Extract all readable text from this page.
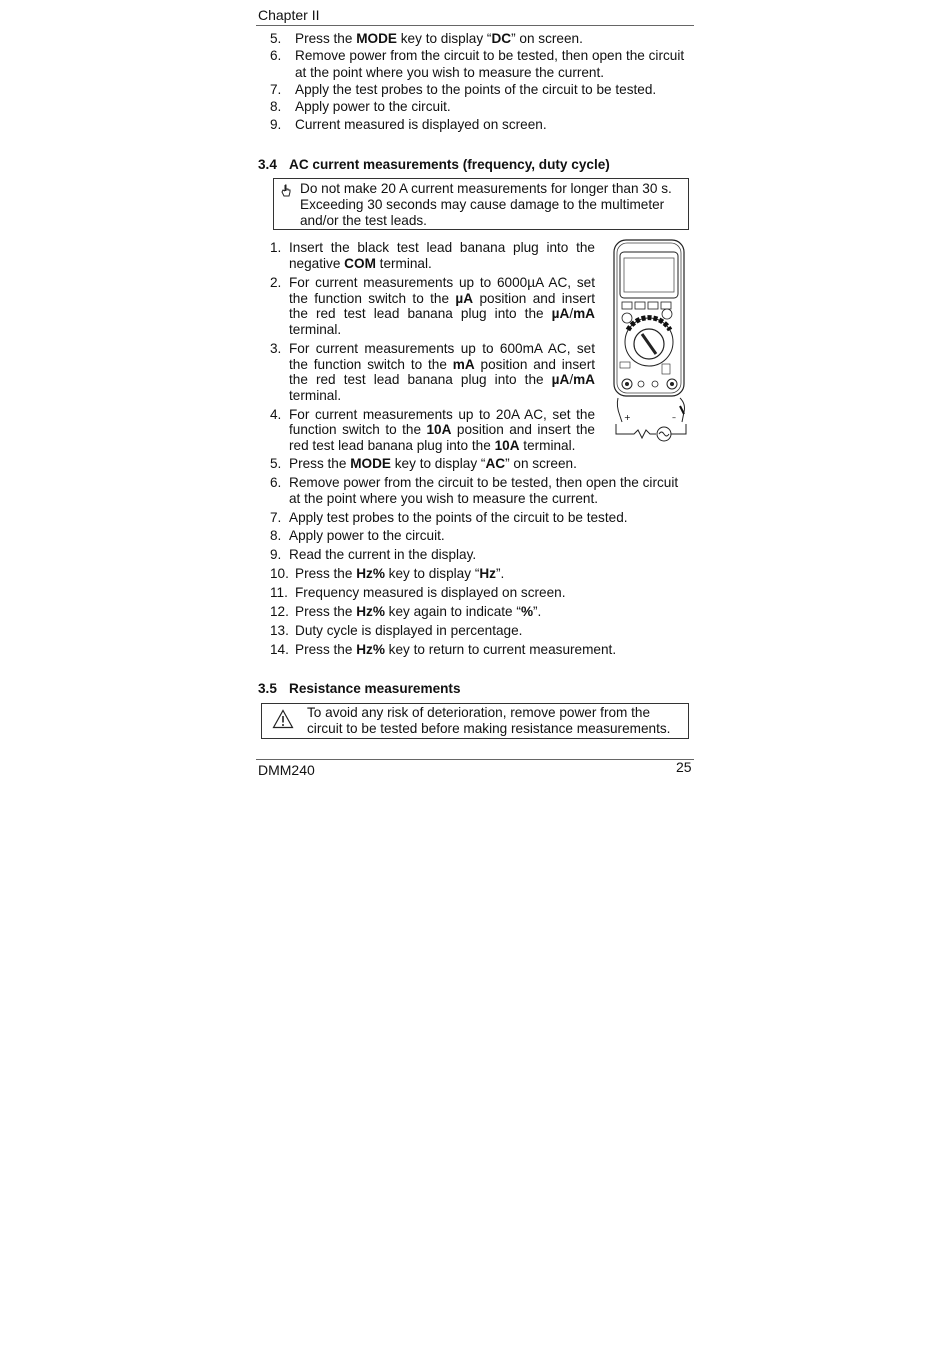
Chapter II
5. Press the MODE key to display “DC” on screen.
6. Remove power from the circuit to be tested, then open the circuit
at the point where you wish to measure the current.
7. Apply the test probes to the points of the circuit to be tested.
8. Apply power to the circuit.
9. Current measured is displayed on screen.
3.4 AC current measurements (frequency, duty cycle)
Do not make 20 A current measurements for longer than 30 s.
Exceeding 30 seconds may cause damage to the multimeter
and/or the test leads.
1. Insert the black test lead banana plug into the
negative COM terminal.
2. For current measurements up to 6000µA AC, set
the function switch to the µA position and insert
the red test lead banana plug into the µA/mA
terminal.
3. For current measurements up to 600mA AC, set
the function switch to the mA position and insert
the red test lead banana plug into the µA/mA
terminal.
4. For current measurements up to 20A AC, set the
function switch to the 10A position and insert the
red test lead banana plug into the 10A terminal.
+	–
5. Press the MODE key to display “AC” on screen.
6. Remove power from the circuit to be tested, then open the circuit
at the point where you wish to measure the current.
7. Apply test probes to the points of the circuit to be tested.
8. Apply power to the circuit.
9. Read the current in the display.
10. Press the Hz% key to display “Hz”.
11. Frequency measured is displayed on screen.
12. Press the Hz% key again to indicate “%”.
13. Duty cycle is displayed in percentage.
14. Press the Hz% key to return to current measurement.
3.5 Resistance measurements
To avoid any risk of deterioration, remove power from the
circuit to be tested before making resistance measurements.
DMM240	25
